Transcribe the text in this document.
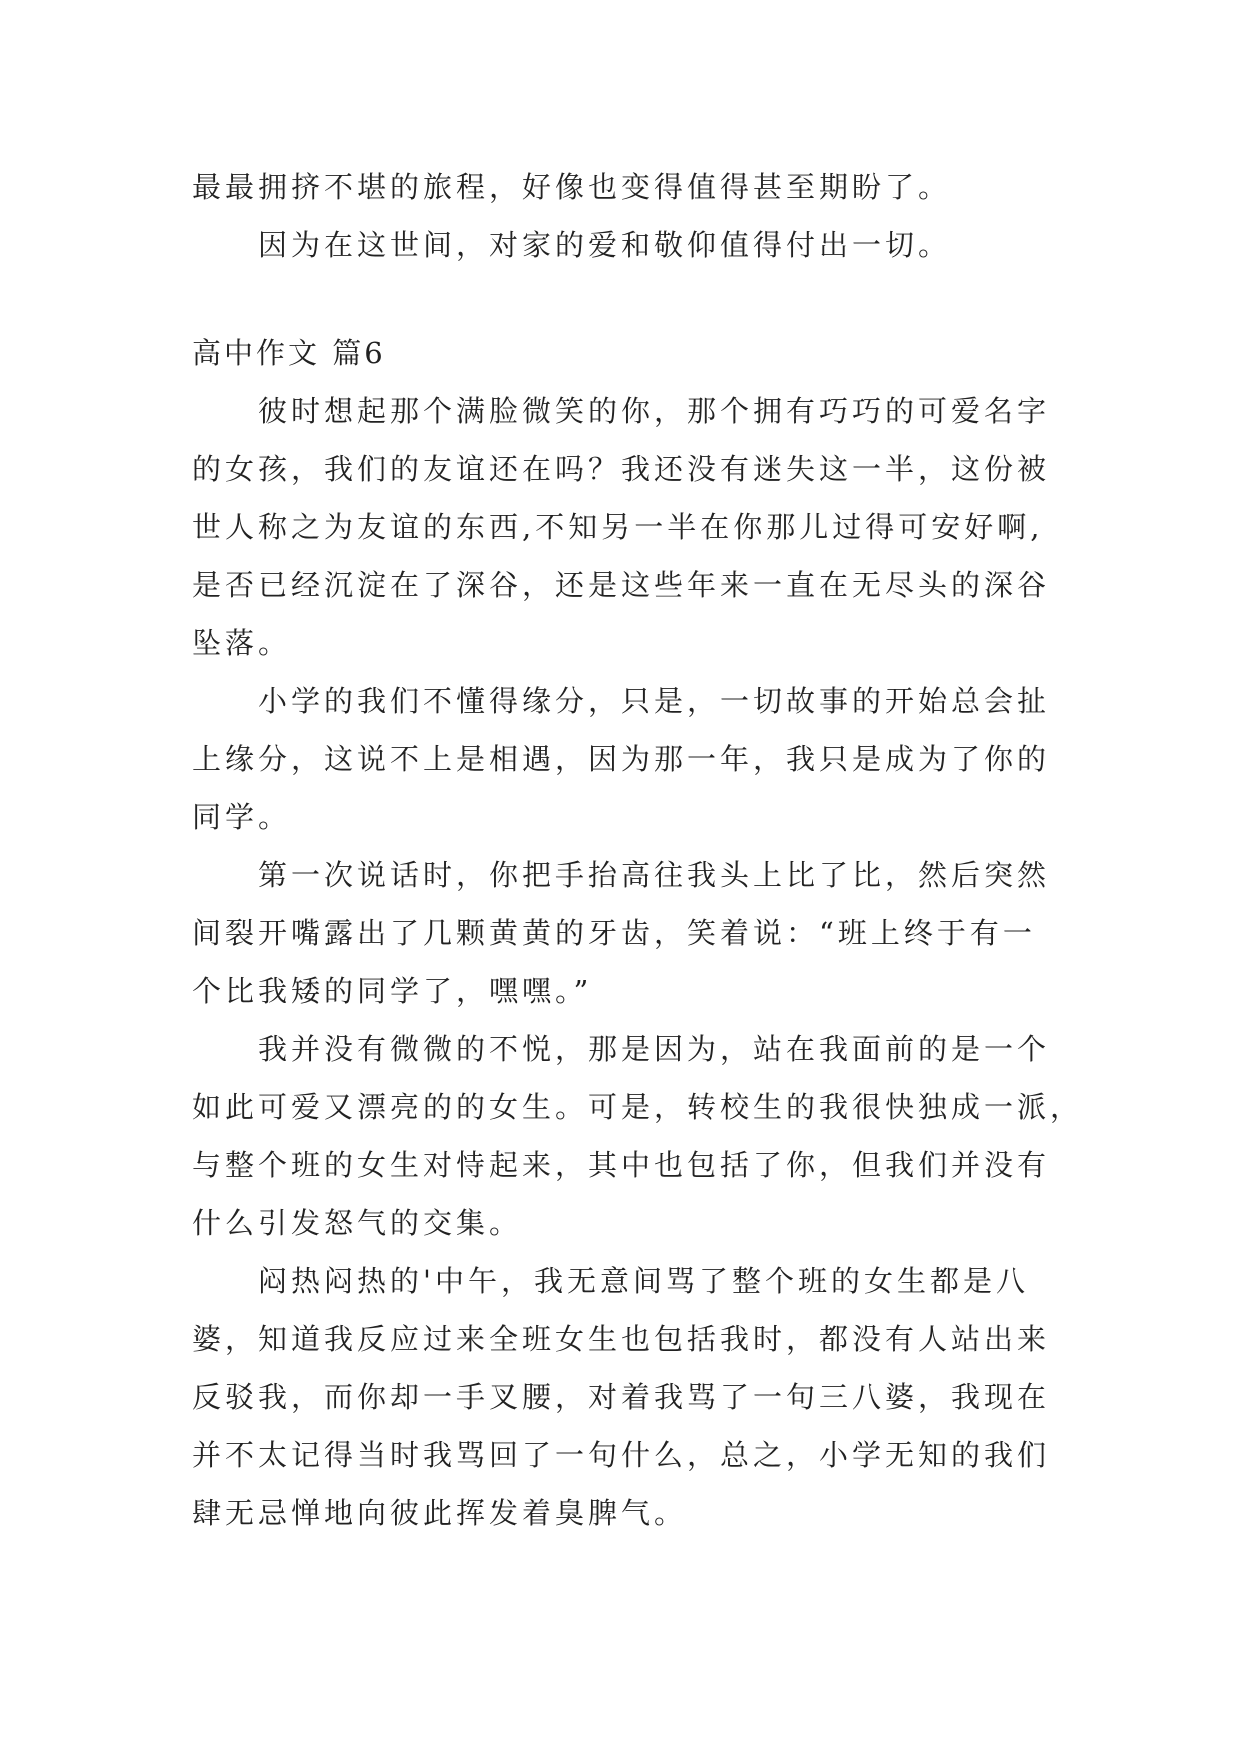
最最拥挤不堪的旅程，好像也变得值得甚至期盼了。

因为在这世间，对家的爱和敬仰值得付出一切。

高中作文 篇6

彼时想起那个满脸微笑的你，那个拥有巧巧的可爱名字

的女孩，我们的友谊还在吗？我还没有迷失这一半，这份被

世人称之为友谊的东西,不知另一半在你那儿过得可安好啊,

是否已经沉淀在了深谷，还是这些年来一直在无尽头的深谷

坠落。

小学的我们不懂得缘分，只是，一切故事的开始总会扯

上缘分，这说不上是相遇，因为那一年，我只是成为了你的

同学。

第一次说话时，你把手抬高往我头上比了比，然后突然

间裂开嘴露出了几颗黄黄的牙齿，笑着说：“班上终于有一

个比我矮的同学了，嘿嘿。”

我并没有微微的不悦，那是因为，站在我面前的是一个

如此可爱又漂亮的的女生。可是，转校生的我很快独成一派，

与整个班的女生对恃起来，其中也包括了你，但我们并没有

什么引发怒气的交集。

闷热闷热的'中午，我无意间骂了整个班的女生都是八

婆，知道我反应过来全班女生也包括我时，都没有人站出来

反驳我，而你却一手叉腰，对着我骂了一句三八婆，我现在

并不太记得当时我骂回了一句什么，总之，小学无知的我们

肆无忌惮地向彼此挥发着臭脾气。
